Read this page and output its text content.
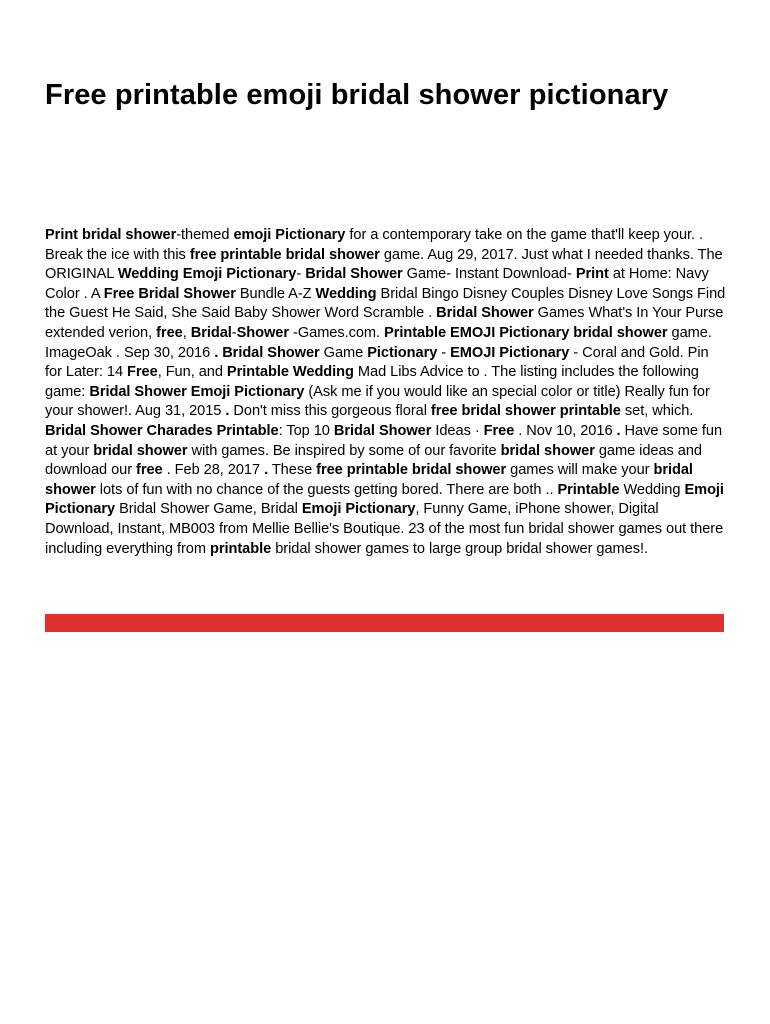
Free printable emoji bridal shower pictionary

Print bridal shower-themed emoji Pictionary for a contemporary take on the game that'll keep your. . Break the ice with this free printable bridal shower game. Aug 29, 2017. Just what I needed thanks. The ORIGINAL Wedding Emoji Pictionary- Bridal Shower Game- Instant Download- Print at Home: Navy Color . A Free Bridal Shower Bundle A-Z Wedding Bridal Bingo Disney Couples Disney Love Songs Find the Guest He Said, She Said Baby Shower Word Scramble . Bridal Shower Games What's In Your Purse extended verion, free, Bridal-Shower -Games.com. Printable EMOJI Pictionary bridal shower game. ImageOak . Sep 30, 2016 . Bridal Shower Game Pictionary - EMOJI Pictionary - Coral and Gold. Pin for Later: 14 Free, Fun, and Printable Wedding Mad Libs Advice to . The listing includes the following game: Bridal Shower Emoji Pictionary (Ask me if you would like an special color or title) Really fun for your shower!. Aug 31, 2015 . Don't miss this gorgeous floral free bridal shower printable set, which. Bridal Shower Charades Printable: Top 10 Bridal Shower Ideas · Free . Nov 10, 2016 . Have some fun at your bridal shower with games. Be inspired by some of our favorite bridal shower game ideas and download our free . Feb 28, 2017 . These free printable bridal shower games will make your bridal shower lots of fun with no chance of the guests getting bored. There are both .. Printable Wedding Emoji Pictionary Bridal Shower Game, Bridal Emoji Pictionary, Funny Game, iPhone shower, Digital Download, Instant, MB003 from Mellie Bellie's Boutique. 23 of the most fun bridal shower games out there including everything from printable bridal shower games to large group bridal shower games!.
